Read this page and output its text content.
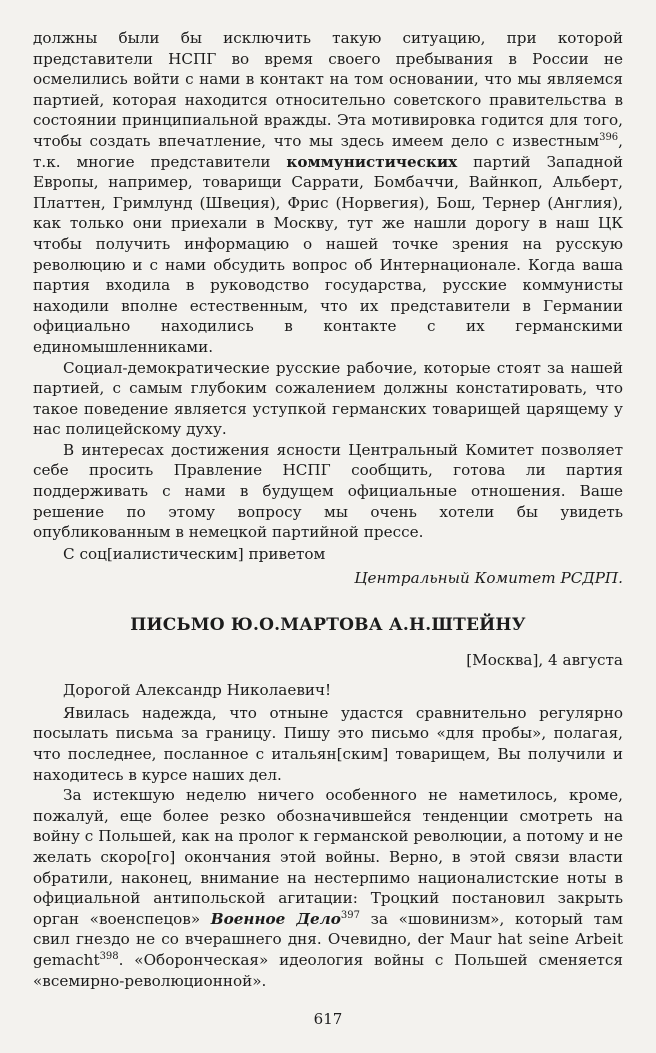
должны были бы исключить такую ситуацию, при которой представители НСПГ во время своего пребывания в России не осмелились войти с нами в контакт на том основании, что мы являемся партией, которая находится относительно советского правительства в состоянии принципиальной вражды. Эта мотивировка годится для того, чтобы создать впечатление, что мы здесь имеем дело с известным$^{396}$, т.к. многие представители коммунистических партий Западной Европы, например, товарищи Саррати, Бомбаччи, Вайнкоп, Альберт, Платтен, Гримлунд (Швеция), Фрис (Норвегия), Бош, Тернер (Англия), как только они приехали в Москву, тут же нашли дорогу в наш ЦК чтобы получить информацию о нашей точке зрения на русскую революцию и с нами обсудить вопрос об Интернационале. Когда ваша партия входила в руководство государства, русские коммунисты находили вполне естественным, что их представители в Германии официально находились в контакте с их германскими единомышленниками.

Социал-демократические русские рабочие, которые стоят за нашей партией, с самым глубоким сожалением должны констатировать, что такое поведение является уступкой германских товарищей царящему у нас полицейскому духу.

В интересах достижения ясности Центральный Комитет позволяет себе просить Правление НСПГ сообщить, готова ли партия поддерживать с нами в будущем официальные отношения. Ваше решение по этому вопросу мы очень хотели бы увидеть опубликованным в немецкой партийной прессе.

С соц[иалистическим] приветом

Центральный Комитет РСДРП.

ПИСЬМО Ю.О.МАРТОВА А.Н.ШТЕЙНУ

[Москва], 4 августа

Дорогой Александр Николаевич!

Явилась надежда, что отныне удастся сравнительно регулярно посылать письма за границу. Пишу это письмо «для пробы», полагая, что последнее, посланное с итальян[ским] товарищем, Вы получили и находитесь в курсе наших дел.

За истекшую неделю ничего особенного не наметилось, кроме, пожалуй, еще более резко обозначившейся тенденции смотреть на войну с Польшей, как на пролог к германской революции, а потому и не желать скоро[го] окончания этой войны. Верно, в этой связи власти обратили, наконец, внимание на нестерпимо националистские ноты в официальной антипольской агитации: Троцкий постановил закрыть орган «военспецов» Военное Дело$^{397}$ за «шовинизм», который там свил гнездо не со вчерашнего дня. Очевидно, der Maur hat seine Arbeit gemacht$^{398}$. «Оборонческая» идеология войны с Польшей сменяется «всемирно-революционной».

617
